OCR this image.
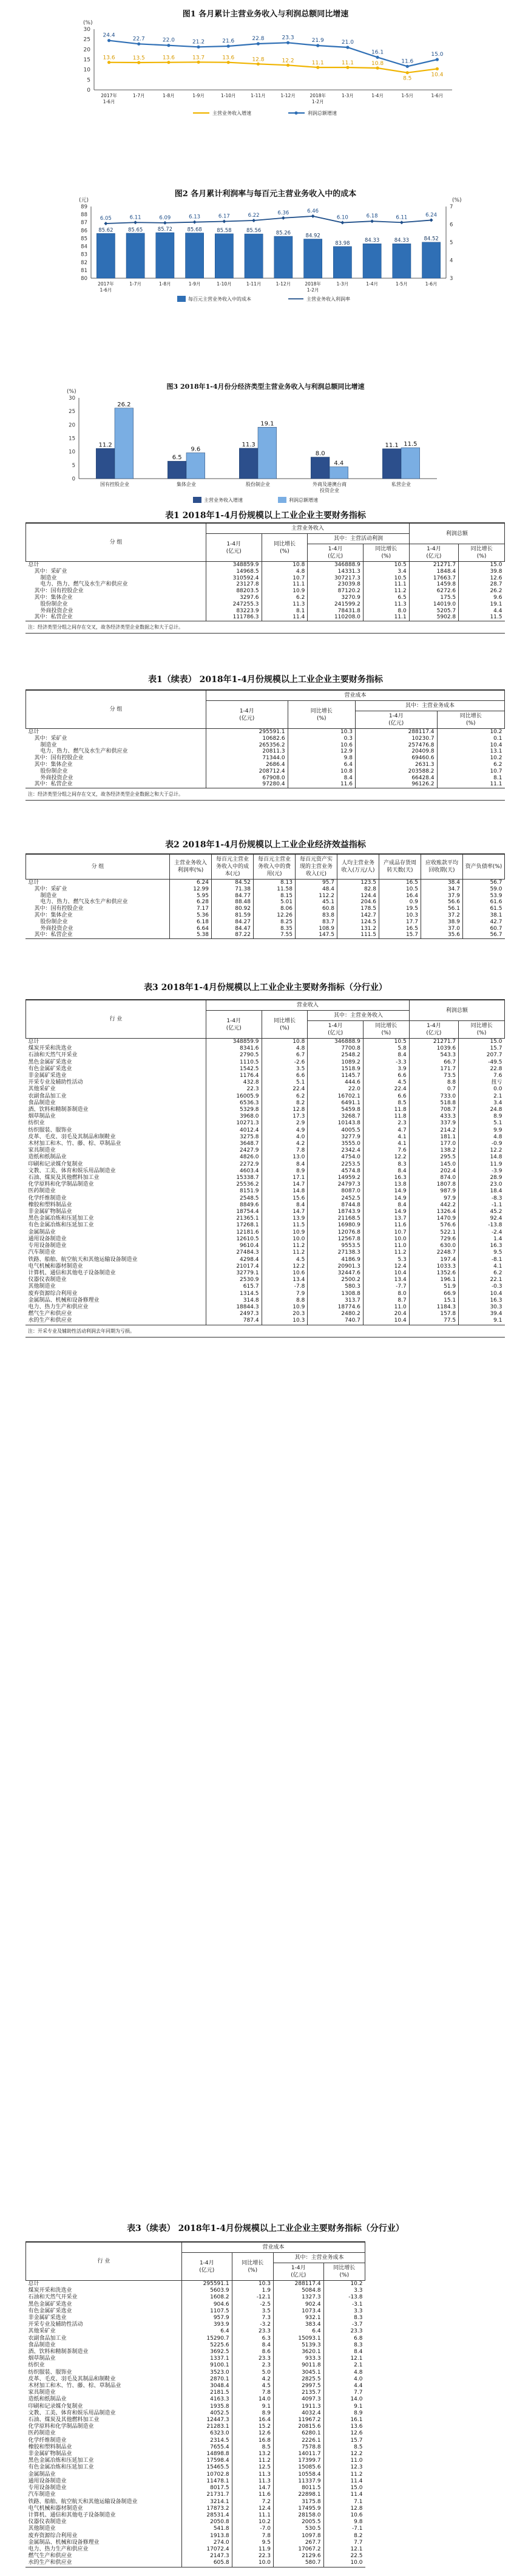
图1 各月累计主营业务收入与利润总额同比增速
(%)
0
5
10
15
20
25
30
2017年 1-6月
1-7月	1-8月	1-9月	1-10月	1-11月	1-12月	2018年 1-2月
1-3月	1-4月	1-5月	1-6月
13.6	13.5	13.6	13.7	13.6	12.8	12.2	11.1	11.1	10.8
8.5
10.4
24.4
22.7	22.0	21.2	21.6	22.8	23.3	21.9	21.0
16.1
11.6
15.0
主营业务收入增速	利润总额增速
图2 各月累计利润率与每百元主营业务收入中的成本
(元)	(%)
80
81
82
83
84
85
86
87
88
89
3
4
5
6
7
2017年 1-6月
1-7月	1-8月	1-9月	1-10月	1-11月	1-12月	2018年 1-2月
1-3月	1-4月	1-5月	1-6月
85.62	85.65	85.72	85.68	85.58	85.56	85.26	84.92
83.98	84.33	84.33	84.52
6.05	6.11	6.09	6.13	6.17	6.22	6.36	6.46
6.10	6.18	6.11	6.24
每百元主营业务收入中的成本	主营业务收入利润率
图3 2018年1-4月份分经济类型主营业务收入与利润总额同比增速
(%)
0
5
10
15
20
25
30
国有控股企业	集体企业	股份制企业	外商及港澳台商投资企业
私营企业
11.2
6.5
11.3
8.0
11.1
26.2
9.6
19.1
4.4
11.5
主营业务收入增速	利润总额增速
表1 2018年1-4月份规模以上工业企业主要财务指标
分 组	主营业务收入				利润总额	
	1-4月
(亿元)	同比增长
(%)	其中：主营活动利润			
			1-4月
(亿元)	同比增长
(%)	1-4月
(亿元)	同比增长
(%)
总计	348859.9	10.8	346888.9	10.5	21271.7	15.0
其中：采矿业	14968.5	4.8	14331.3	3.4	1848.4	39.8
制造业	310592.4	10.7	307217.3	10.5	17663.7	12.6
电力、热力、燃气及水生产和供应业	23127.8	11.1	23039.8	11.1	1459.8	28.7
其中：国有控股企业	88203.5	10.9	87120.2	11.2	6272.6	26.2
其中：集体企业	3297.6	6.2	3270.9	6.5	175.5	9.6
股份制企业	247255.3	11.3	241599.2	11.3	14019.0	19.1
外商投资企业	83223.9	8.1	78431.8	8.0	5205.7	4.4
其中：私营企业	111786.3	11.4	110208.0	11.1	5902.8	11.5
注：经济类型分组之间存在交叉，故各经济类型企业数据之和大于总计。
表1（续表） 2018年1-4月份规模以上工业企业主要财务指标
分 组	营业成本			
	1-4月
(亿元)	同比增长
(%)	其中：主营业务成本	
			1-4月
(亿元)	同比增长
(%)
总计	295591.1	10.3	288117.4	10.2
其中：采矿业	10682.6	0.3	10230.7	0.1
制造业	265356.2	10.6	257476.8	10.4
电力、热力、燃气及水生产和供应业	20811.3	12.9	20409.8	13.1
其中：国有控股企业	71344.0	9.8	69460.6	10.2
其中：集体企业	2686.4	6.4	2631.3	6.2
股份制企业	208712.4	10.8	203588.2	10.7
外商投资企业	67908.0	8.4	66428.4	8.1
其中：私营企业	97280.4	11.6	96126.2	11.1
注：经济类型分组之间存在交叉，故各经济类型企业数据之和大于总计。
表2 2018年1-4月份规模以上工业企业经济效益指标
分 组	主营业务收入利润率(%)	每百元主营业务收入中的成本(元)	每百元主营业务收入中的费用(元)	每百元资产实现的主营业务收入(元)	人均主营业务收入(万元/人)	产成品存货周转天数(天)	应收账款平均回收期(天)	资产负债率(%)
总计	6.24	84.52	8.13	95.7	123.5	16.5	38.4	56.7
其中：采矿业	12.99	71.38	11.58	48.4	82.8	10.5	34.7	59.0
制造业	5.95	84.77	8.15	112.2	124.4	16.4	37.9	53.9
电力、热力、燃气及水生产和供应业	6.28	88.48	5.01	45.1	204.6	0.9	56.6	61.6
其中：国有控股企业	7.17	80.92	8.06	60.8	178.5	19.5	56.1	61.5
其中：集体企业	5.36	81.59	12.26	83.8	142.7	10.3	37.2	38.1
股份制企业	6.18	84.27	8.25	83.7	124.5	17.7	38.9	42.7
外商投资企业	6.64	84.47	8.35	108.9	131.2	16.5	37.0	60.7
其中：私营企业	5.38	87.22	7.55	147.5	111.5	15.7	35.6	56.7
表3 2018年1-4月份规模以上工业企业主要财务指标（分行业）
行 业	营业收入				利润总额	
	1-4月
(亿元)	同比增长
(%)	其中：主营业务收入			
			1-4月
(亿元)	同比增长
(%)	1-4月
(亿元)	同比增长
(%)
总计	348859.9	10.8	346888.9	10.5	21271.7	15.0
煤炭开采和洗选业	8341.6	4.8	7700.8	5.8	1039.6	15.7
石油和天然气开采业	2790.5	6.7	2548.2	8.4	543.3	207.7
黑色金属矿采选业	1110.5	-2.6	1089.2	-3.3	66.7	-49.5
有色金属矿采选业	1542.5	3.5	1518.9	3.9	171.7	22.8
非金属矿采选业	1176.4	6.6	1145.7	6.6	73.5	7.6
开采专业及辅助性活动	432.8	5.1	444.6	4.5	8.8	扭亏
其他采矿业	22.3	22.4	22.0	22.4	0.7	0.0
农副食品加工业	16005.9	6.2	16702.1	6.6	733.0	2.1
食品制造业	6536.3	8.2	6491.1	8.5	518.8	3.4
酒、饮料和精制茶制造业	5329.8	12.8	5459.8	11.8	708.7	24.8
烟草制品业	3968.0	17.3	3268.7	11.8	433.3	8.9
纺织业	10271.3	2.9	10143.8	2.3	337.9	5.1
纺织服装、服饰业	4012.4	4.9	4005.5	4.7	214.2	9.9
皮革、毛皮、羽毛及其制品和制鞋业	3275.8	4.0	3277.9	4.1	181.1	4.8
木材加工和木、竹、藤、棕、草制品业	3648.7	4.2	3555.0	4.1	177.0	-0.9
家具制造业	2427.9	7.8	2342.4	7.6	138.2	12.2
造纸和纸制品业	4826.0	13.0	4754.0	12.2	295.5	14.8
印刷和记录媒介复制业	2272.9	8.4	2253.5	8.3	145.0	11.9
文教、工美、体育和娱乐用品制造业	4603.4	8.9	4574.8	8.4	202.4	-3.9
石油、煤炭及其他燃料加工业	15338.7	17.1	14959.2	16.3	874.0	28.9
化学原料和化学制品制造业	25536.2	14.7	24797.3	13.8	1807.8	23.0
医药制造业	8151.9	14.8	8087.0	14.9	987.9	18.4
化学纤维制造业	2548.5	15.6	2452.5	14.9	97.9	-8.3
橡胶和塑料制品业	8849.6	8.4	8744.8	8.4	442.2	-1.1
非金属矿物制品业	18754.4	14.7	18743.9	14.9	1326.4	45.2
黑色金属冶炼和压延加工业	21365.1	13.9	21168.5	13.7	1470.9	92.4
有色金属冶炼和压延加工业	17268.1	11.5	16980.9	11.6	576.6	-13.8
金属制品业	12181.6	10.9	12076.8	10.7	522.1	-2.4
通用设备制造业	12610.5	10.0	12567.8	10.0	729.6	1.4
专用设备制造业	9610.4	11.2	9553.5	11.0	630.0	16.3
汽车制造业	27484.3	11.2	27138.3	11.2	2248.7	9.5
铁路、船舶、航空航天和其他运输设备制造业	4298.4	4.5	4186.9	5.3	197.4	-8.1
电气机械和器材制造业	21017.4	12.2	20901.3	12.4	1033.3	4.1
计算机、通信和其他电子设备制造业	32779.1	10.6	32447.6	10.4	1352.6	6.2
仪器仪表制造业	2530.9	13.4	2500.2	13.4	196.1	22.1
其他制造业	615.7	-7.8	580.3	-7.7	51.9	-0.3
废弃资源综合利用业	1314.5	7.9	1308.8	8.0	66.9	10.4
金属制品、机械和设备修理业	314.8	8.8	313.7	8.7	15.1	16.3
电力、热力生产和供应业	18844.3	10.9	18774.6	11.0	1184.3	30.3
燃气生产和供应业	2497.3	20.3	2480.2	20.4	157.8	39.4
水的生产和供应业	787.4	10.3	740.7	10.4	77.5	9.1
注：开采专业及辅助性活动利润去年同期为亏损。
表3（续表） 2018年1-4月份规模以上工业企业主要财务指标（分行业）
行 业	营业成本			
	1-4月
(亿元)	同比增长
(%)	其中：主营业务成本	
			1-4月
(亿元)	同比增长
(%)
总计	295591.1	10.3	288117.4	10.2
煤炭开采和洗选业	5603.9	1.9	5084.8	3.3
石油和天然气开采业	1608.2	-12.1	1327.3	-13.8
黑色金属矿采选业	904.6	-2.5	902.4	-3.1
有色金属矿采选业	1107.5	3.5	1073.4	3.3
非金属矿采选业	957.9	7.3	932.1	8.3
开采专业及辅助性活动	393.9	-3.2	383.4	-3.7
其他采矿业	6.4	23.3	6.4	23.3
农副食品加工业	15290.7	6.3	15093.1	6.8
食品制造业	5225.6	8.4	5139.3	8.3
酒、饮料和精制茶制造业	3692.5	8.6	3620.1	8.4
烟草制品业	1337.1	23.3	933.3	12.1
纺织业	9100.1	2.3	9011.8	2.1
纺织服装、服饰业	3523.0	5.0	3045.1	4.8
皮革、毛皮、羽毛及其制品和制鞋业	2870.1	4.2	2825.5	4.0
木材加工和木、竹、藤、棕、草制品业	3048.4	4.5	2997.5	4.4
家具制造业	2181.5	7.8	2135.7	7.7
造纸和纸制品业	4163.3	14.0	4097.3	14.0
印刷和记录媒介复制业	1935.8	9.1	1911.3	9.1
文教、工美、体育和娱乐用品制造业	4052.5	8.9	4032.4	8.9
石油、煤炭及其他燃料加工业	12447.3	16.4	11967.2	16.1
化学原料和化学制品制造业	21283.1	15.2	20815.6	13.6
医药制造业	6323.0	12.6	6280.1	12.6
化学纤维制造业	2314.5	16.8	2226.1	15.7
橡胶和塑料制品业	7655.4	8.5	7578.8	8.5
非金属矿物制品业	14898.8	13.2	14011.7	12.2
黑色金属冶炼和压延加工业	17598.4	11.2	17399.7	11.0
有色金属冶炼和压延加工业	15465.5	12.5	15085.6	12.3
金属制品业	10702.8	11.3	10558.4	11.2
通用设备制造业	11478.1	11.3	11337.9	11.4
专用设备制造业	8017.5	14.7	8011.5	15.0
汽车制造业	21731.7	11.6	22898.1	11.4
铁路、船舶、航空航天和其他运输设备制造业	3214.1	7.2	3175.8	7.1
电气机械和器材制造业	17873.2	12.4	17495.9	12.8
计算机、通信和其他电子设备制造业	28531.4	11.1	28158.0	10.6
仪器仪表制造业	2050.8	10.2	2005.5	9.8
其他制造业	541.8	-7.0	530.5	-7.1
废弃资源综合利用业	1913.8	7.8	1097.8	8.2
金属制品、机械和设备修理业	274.0	9.5	267.7	7.7
电力、热力生产和供应业	17072.4	11.9	17067.2	12.1
燃气生产和供应业	2147.3	22.3	2129.6	22.5
水的生产和供应业	605.8	10.0	580.7	10.0
